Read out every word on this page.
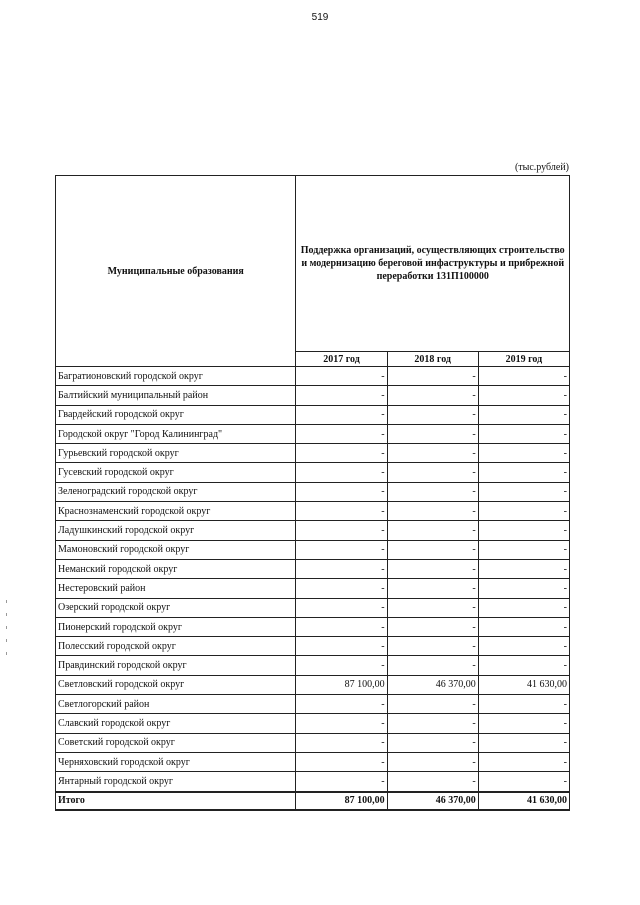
519
(тыс.рублей)
Муниципальные образования	Поддержка организаций, осуществляющих строительство и модернизацию береговой инфаструктуры и прибрежной переработки 131П100000		
	2017 год	2018 год	2019 год
Багратионовский городской округ	-	-	-
Балтийский муниципальный район	-	-	-
Гвардейский городской округ	-	-	-
Городской округ "Город Калининград"	-	-	-
Гурьевский городской округ	-	-	-
Гусевский городской округ	-	-	-
Зеленоградский городской округ	-	-	-
Краснознаменский городской округ	-	-	-
Ладушкинский городской округ	-	-	-
Мамоновский городской округ	-	-	-
Неманский городской округ	-	-	-
Нестеровский район	-	-	-
Озерский городской округ	-	-	-
Пионерский городской округ	-	-	-
Полесский городской округ	-	-	-
Правдинский городской округ	-	-	-
Светловский городской округ	87 100,00	46 370,00	41 630,00
Светлогорский район	-	-	-
Славский городской округ	-	-	-
Советский городской округ	-	-	-
Черняховский городской округ	-	-	-
Янтарный городской округ	-	-	-
Итого	87 100,00	46 370,00	41 630,00
